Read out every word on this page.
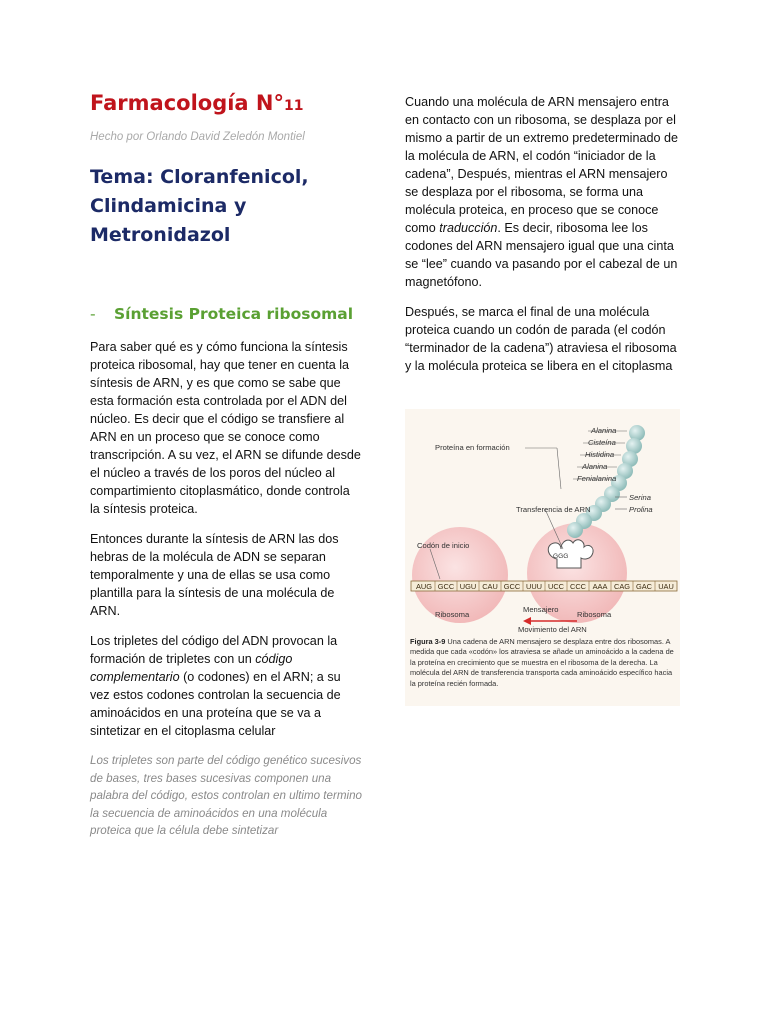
Farmacología N°11

Hecho por Orlando David Zeledón Montiel

Tema: Cloranfenicol, Clindamicina y Metronidazol
- Síntesis Proteica ribosomal

Para saber qué es y cómo funciona la síntesis proteica ribosomal, hay que tener en cuenta la síntesis de ARN, y es que como se sabe que esta formación esta controlada por el ADN del núcleo. Es decir que el código se transfiere al ARN en un proceso que se conoce como transcripción. A su vez, el ARN se difunde desde el núcleo a través de los poros del núcleo al compartimiento citoplasmático, donde controla la síntesis proteica.

Entonces durante la síntesis de ARN las dos hebras de la molécula de ADN se separan temporalmente y una de ellas se usa como plantilla para la síntesis de una molécula de ARN.

Los tripletes del código del ADN provocan la formación de tripletes con un código complementario (o codones) en el ARN; a su vez estos codones controlan la secuencia de aminoácidos en una proteína que se va a sintetizar en el citoplasma celular

Los tripletes son parte del código genético sucesivos de bases, tres bases sucesivas componen una palabra del código, estos controlan en ultimo termino la secuencia de aminoácidos en una molécula proteica que la célula debe sintetizar

Cuando una molécula de ARN mensajero entra en contacto con un ribosoma, se desplaza por el mismo a partir de un extremo predeterminado de la molécula de ARN, el codón “iniciador de la cadena”, Después, mientras el ARN mensajero se desplaza por el ribosoma, se forma una molécula proteica, en proceso que se conoce como traducción. Es decir, ribosoma lee los codones del ARN mensajero igual que una cinta se “lee” cuando va pasando por el cabezal de un magnetófono.

Después, se marca el final de una molécula proteica cuando un codón de parada (el codón “terminador de la cadena”) atraviesa el ribosoma y la molécula proteica se libera en el citoplasma

AUG GCC UGU CAU GCC UUU UCC CCC AAA CAG GAC UAU
Proteína en formación
Transferencia de ARN
Codón de inicio
GGG
Ribosoma	Ribosoma
Mensajero
Movimiento del ARN
Alanina
Cisteína
Histidina
Alanina
Fenialanina
Serina
Prolina
Figura 3-9 Una cadena de ARN mensajero se desplaza entre dos ribosomas. A medida que cada «codón» los atraviesa se añade un aminoácido a la cadena de la proteína en crecimiento que se muestra en el ribosoma de la derecha. La molécula del ARN de transferencia transporta cada aminoácido específico hacia la proteína recién formada.
